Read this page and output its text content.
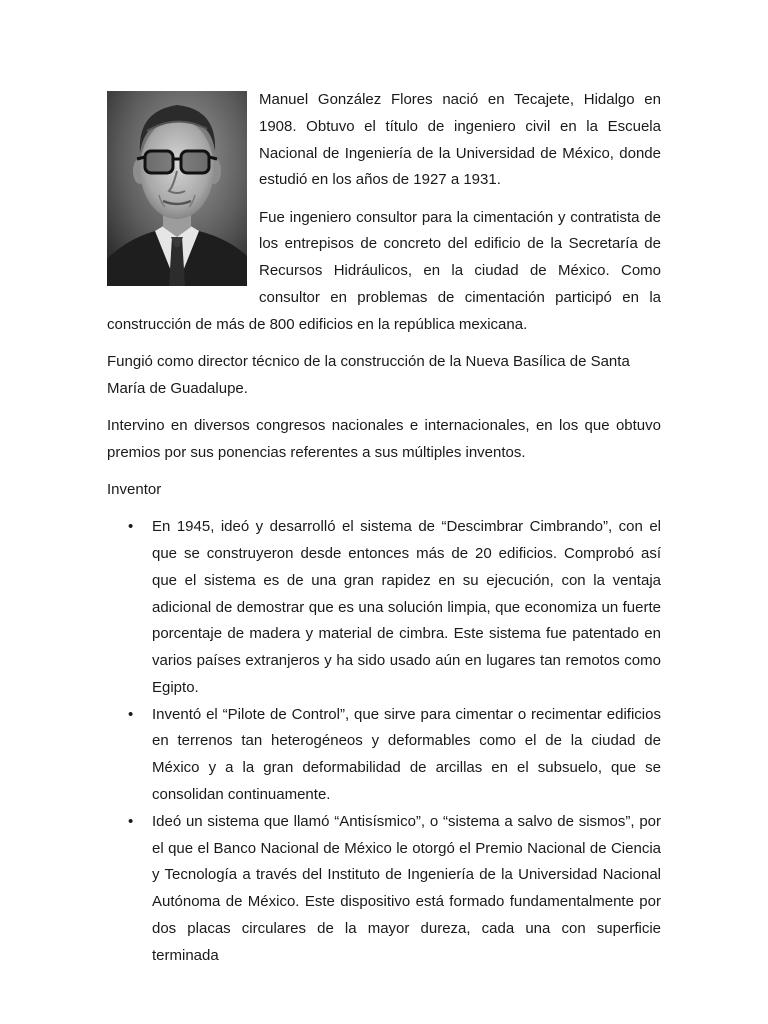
Manuel González Flores nació en Tecajete, Hidalgo en 1908. Obtuvo el título de ingeniero civil en la Escuela Nacional de Ingeniería de la Universidad de México, donde estudió en los años de 1927 a 1931.

Fue ingeniero consultor para la cimentación y contratista de los entrepisos de concreto del edificio de la Secretaría de Recursos Hidráulicos, en la ciudad de México. Como consultor en problemas de cimentación participó en la construcción de más de 800 edificios en la república mexicana.

Fungió como director técnico de la construcción de la Nueva Basílica de Santa María de Guadalupe.

Intervino en diversos congresos nacionales e internacionales, en los que obtuvo premios por sus ponencias referentes a sus múltiples inventos.

Inventor

• En 1945, ideó y desarrolló el sistema de “Descimbrar Cimbrando”, con el que se construyeron desde entonces más de 20 edificios. Comprobó así que el sistema es de una gran rapidez en su ejecución, con la ventaja adicional de demostrar que es una solución limpia, que economiza un fuerte porcentaje de madera y material de cimbra. Este sistema fue patentado en varios países extranjeros y ha sido usado aún en lugares tan remotos como Egipto.
• Inventó el “Pilote de Control”, que sirve para cimentar o recimentar edificios en terrenos tan heterogéneos y deformables como el de la ciudad de México y a la gran deformabilidad de arcillas en el subsuelo, que se consolidan continuamente.
• Ideó un sistema que llamó “Antisísmico”, o “sistema a salvo de sismos”, por el que el Banco Nacional de México le otorgó el Premio Nacional de Ciencia y Tecnología a través del Instituto de Ingeniería de la Universidad Nacional Autónoma de México. Este dispositivo está formado fundamentalmente por dos placas circulares de la mayor dureza, cada una con superficie terminada
